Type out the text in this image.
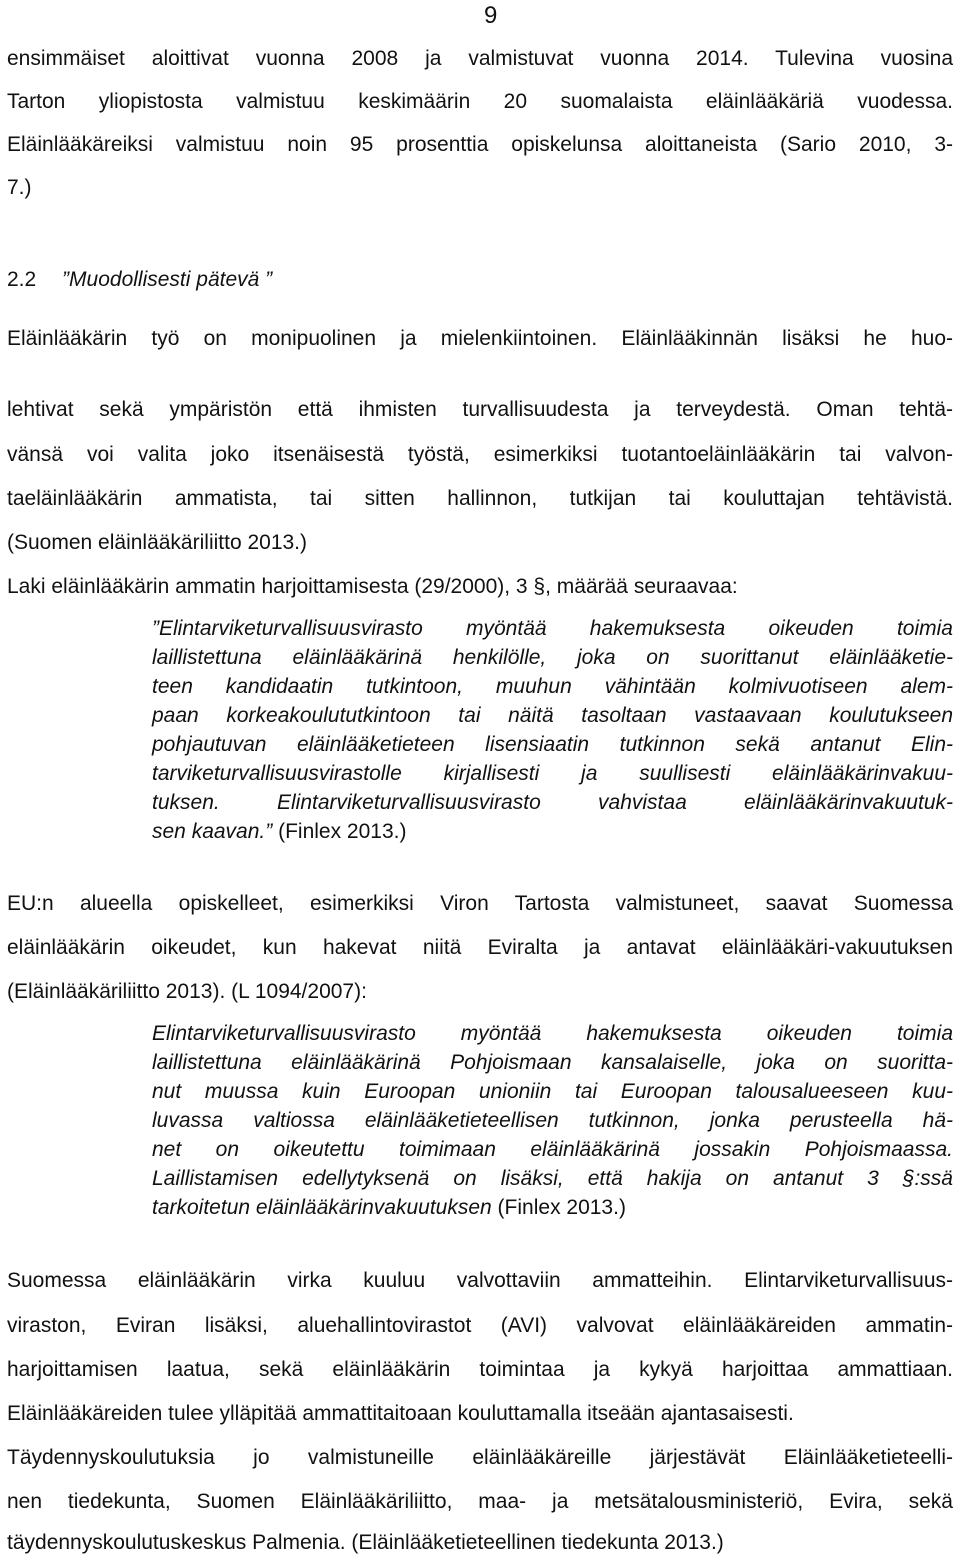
9
ensimmäiset aloittivat vuonna 2008 ja valmistuvat vuonna 2014. Tulevina vuosina
Tarton yliopistosta valmistuu keskimäärin 20 suomalaista eläinlääkäriä vuodessa.
Eläinlääkäreiksi valmistuu noin 95 prosenttia opiskelunsa aloittaneista (Sario 2010, 3-
7.)
2.2 ”Muodollisesti pätevä ”
Eläinlääkärin työ on monipuolinen ja mielenkiintoinen. Eläinlääkinnän lisäksi he huo-
lehtivat sekä ympäristön että ihmisten turvallisuudesta ja terveydestä. Oman tehtä-
vänsä voi valita joko itsenäisestä työstä, esimerkiksi tuotantoeläinlääkärin tai valvon-
taeläinlääkärin ammatista, tai sitten hallinnon, tutkijan tai kouluttajan tehtävistä.
(Suomen eläinlääkäriliitto 2013.)
Laki eläinlääkärin ammatin harjoittamisesta (29/2000), 3 §, määrää seuraavaa:
”Elintarviketurvallisuusvirasto myöntää hakemuksesta oikeuden toimia
laillistettuna eläinlääkärinä henkilölle, joka on suorittanut eläinlääketie-
teen kandidaatin tutkintoon, muuhun vähintään kolmivuotiseen alem-
paan korkeakoulututkintoon tai näitä tasoltaan vastaavaan koulutukseen
pohjautuvan eläinlääketieteen lisensiaatin tutkinnon sekä antanut Elin-
tarviketurvallisuusvirastolle kirjallisesti ja suullisesti eläinlääkärinvakuu-
tuksen. Elintarviketurvallisuusvirasto vahvistaa eläinlääkärinvakuutuk-
sen kaavan.” (Finlex 2013.)
EU:n alueella opiskelleet, esimerkiksi Viron Tartosta valmistuneet, saavat Suomessa
eläinlääkärin oikeudet, kun hakevat niitä Eviralta ja antavat eläinlääkäri-vakuutuksen
(Eläinlääkäriliitto 2013). (L 1094/2007):
Elintarviketurvallisuusvirasto myöntää hakemuksesta oikeuden toimia
laillistettuna eläinlääkärinä Pohjoismaan kansalaiselle, joka on suoritta-
nut muussa kuin Euroopan unioniin tai Euroopan talousalueeseen kuu-
luvassa valtiossa eläinlääketieteellisen tutkinnon, jonka perusteella hä-
net on oikeutettu toimimaan eläinlääkärinä jossakin Pohjoismaassa.
Laillistamisen edellytyksenä on lisäksi, että hakija on antanut 3 §:ssä
tarkoitetun eläinlääkärinvakuutuksen (Finlex 2013.)
Suomessa eläinlääkärin virka kuuluu valvottaviin ammatteihin. Elintarviketurvallisuus-
viraston, Eviran lisäksi, aluehallintovirastot (AVI) valvovat eläinlääkäreiden ammatin-
harjoittamisen laatua, sekä eläinlääkärin toimintaa ja kykyä harjoittaa ammattiaan.
Eläinlääkäreiden tulee ylläpitää ammattitaitoaan kouluttamalla itseään ajantasaisesti.
Täydennyskoulutuksia jo valmistuneille eläinlääkäreille järjestävät Eläinlääketieteelli-
nen tiedekunta, Suomen Eläinlääkäriliitto, maa- ja metsätalousministeriö, Evira, sekä
täydennyskoulutuskeskus Palmenia. (Eläinlääketieteellinen tiedekunta 2013.)
